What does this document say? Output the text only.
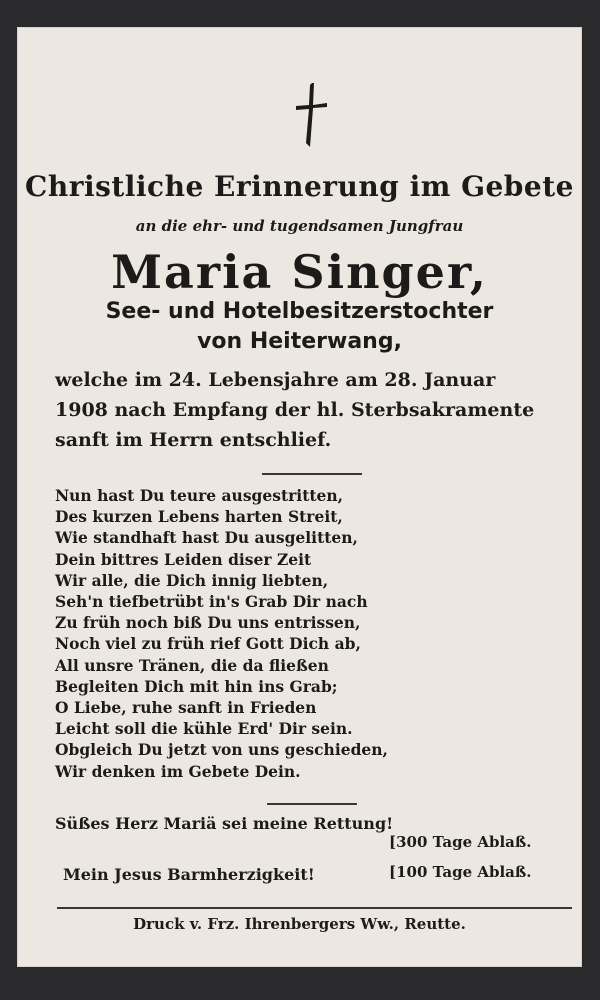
Christliche Erinnerung im Gebete
an die ehr- und tugendsamen Jungfrau
Maria Singer,
See- und Hotelbesitzerstochter
von Heiterwang,
welche im 24. Lebensjahre am 28. Januar
1908 nach Empfang der hl. Sterbsakramente
sanft im Herrn entschlief.
Nun hast Du teure ausgestritten,
Des kurzen Lebens harten Streit,
Wie standhaft hast Du ausgelitten,
Dein bittres Leiden diser Zeit
Wir alle, die Dich innig liebten,
Seh'n tiefbetrübt in's Grab Dir nach
Zu früh noch biß Du uns entrissen,
Noch viel zu früh rief Gott Dich ab,
All unsre Tränen, die da fließen
Begleiten Dich mit hin ins Grab;
O Liebe, ruhe sanft in Frieden
Leicht soll die kühle Erd' Dir sein.
Obgleich Du jetzt von uns geschieden,
Wir denken im Gebete Dein.
Süßes Herz Mariä sei meine Rettung!
[300 Tage Ablaß.
Mein Jesus Barmherzigkeit!	[100 Tage Ablaß.
Druck v. Frz. Ihrenbergers Ww., Reutte.
